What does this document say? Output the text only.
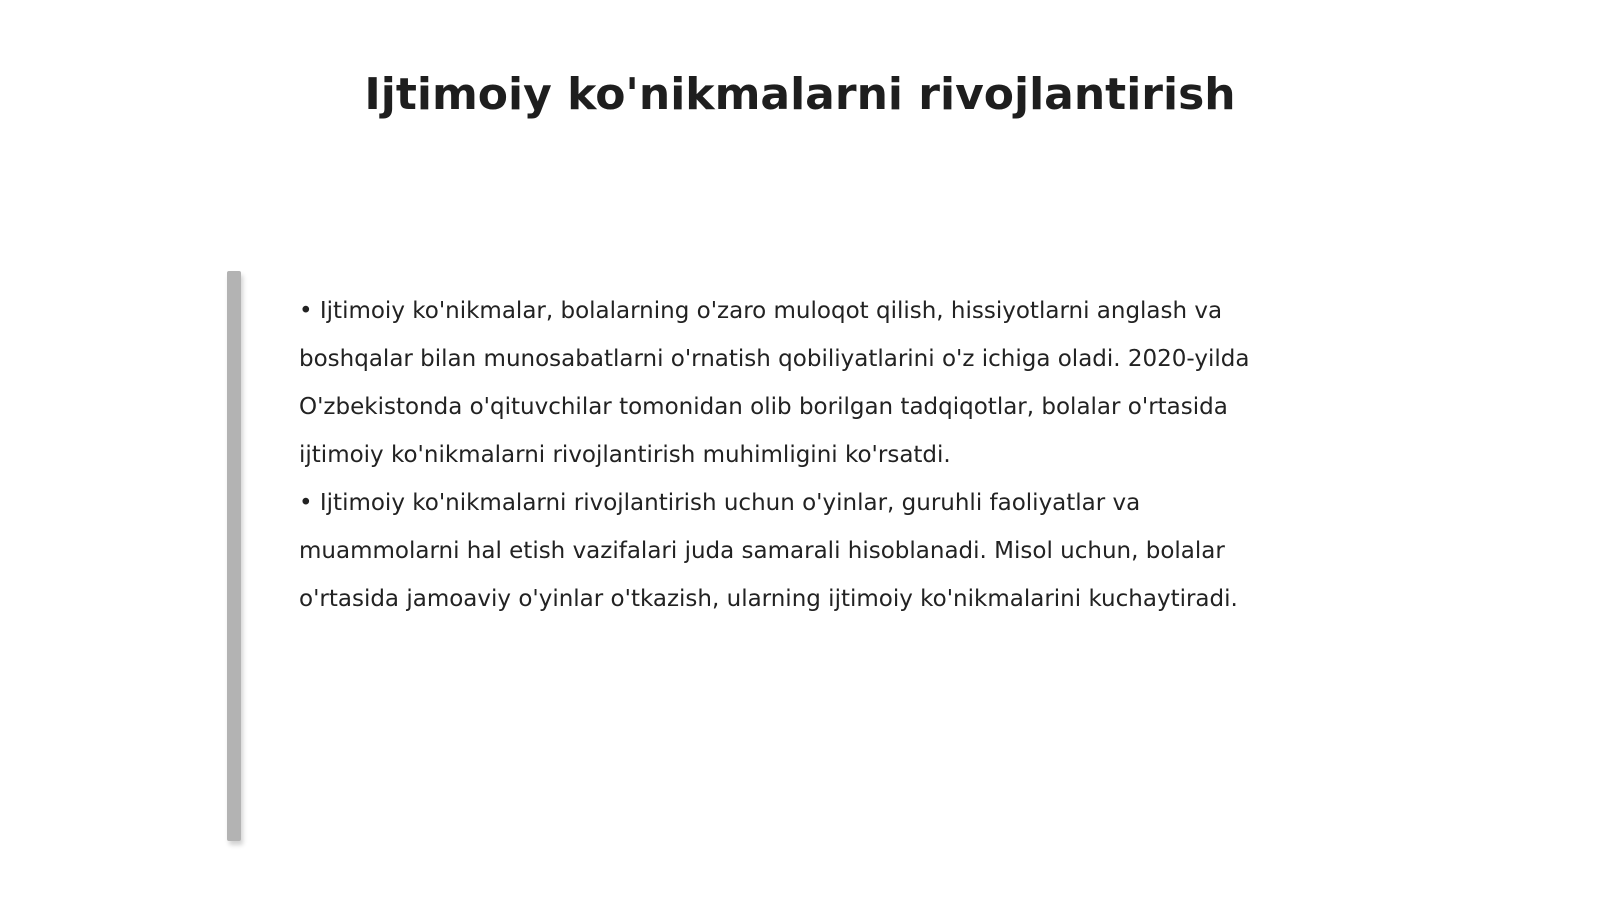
Ijtimoiy ko'nikmalarni rivojlantirish

• Ijtimoiy ko'nikmalar, bolalarning o'zaro muloqot qilish, hissiyotlarni anglash va boshqalar bilan munosabatlarni o'rnatish qobiliyatlarini o'z ichiga oladi. 2020-yilda O'zbekistonda o'qituvchilar tomonidan olib borilgan tadqiqotlar, bolalar o'rtasida ijtimoiy ko'nikmalarni rivojlantirish muhimligini ko'rsatdi.

• Ijtimoiy ko'nikmalarni rivojlantirish uchun o'yinlar, guruhli faoliyatlar va muammolarni hal etish vazifalari juda samarali hisoblanadi. Misol uchun, bolalar o'rtasida jamoaviy o'yinlar o'tkazish, ularning ijtimoiy ko'nikmalarini kuchaytiradi.
